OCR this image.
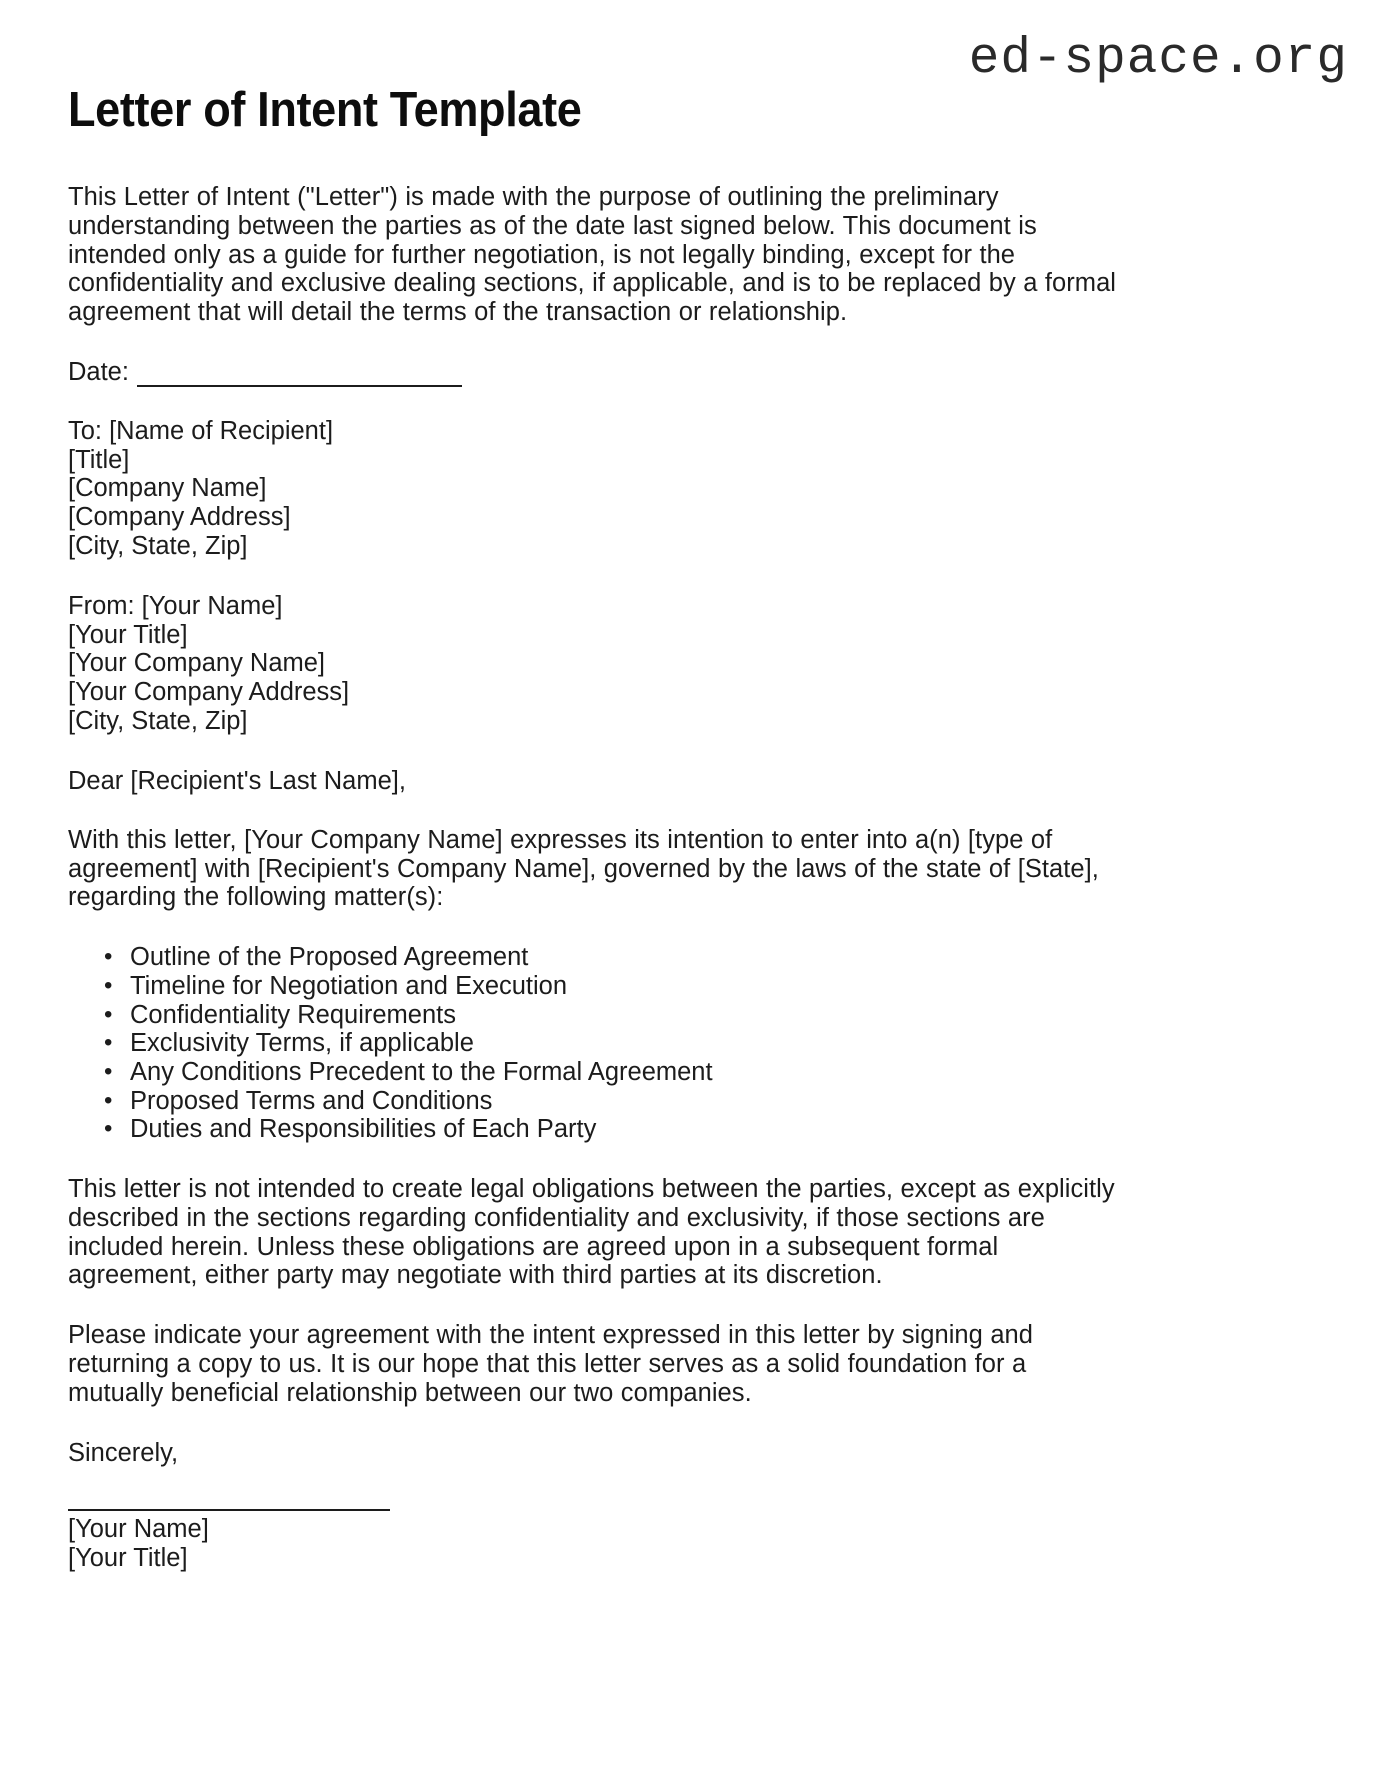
ed-space.org
Letter of Intent Template

This Letter of Intent ("Letter") is made with the purpose of outlining the preliminary understanding between the parties as of the date last signed below. This document is intended only as a guide for further negotiation, is not legally binding, except for the confidentiality and exclusive dealing sections, if applicable, and is to be replaced by a formal agreement that will detail the terms of the transaction or relationship.

Date:
To: [Name of Recipient]
[Title]
[Company Name]
[Company Address]
[City, State, Zip]
From: [Your Name]
[Your Title]
[Your Company Name]
[Your Company Address]
[City, State, Zip]

Dear [Recipient's Last Name],

With this letter, [Your Company Name] expresses its intention to enter into a(n) [type of agreement] with [Recipient's Company Name], governed by the laws of the state of [State], regarding the following matter(s):

• Outline of the Proposed Agreement
• Timeline for Negotiation and Execution
• Confidentiality Requirements
• Exclusivity Terms, if applicable
• Any Conditions Precedent to the Formal Agreement
• Proposed Terms and Conditions
• Duties and Responsibilities of Each Party

This letter is not intended to create legal obligations between the parties, except as explicitly described in the sections regarding confidentiality and exclusivity, if those sections are included herein. Unless these obligations are agreed upon in a subsequent formal agreement, either party may negotiate with third parties at its discretion.

Please indicate your agreement with the intent expressed in this letter by signing and returning a copy to us. It is our hope that this letter serves as a solid foundation for a mutually beneficial relationship between our two companies.

Sincerely,

[Your Name]
[Your Title]
